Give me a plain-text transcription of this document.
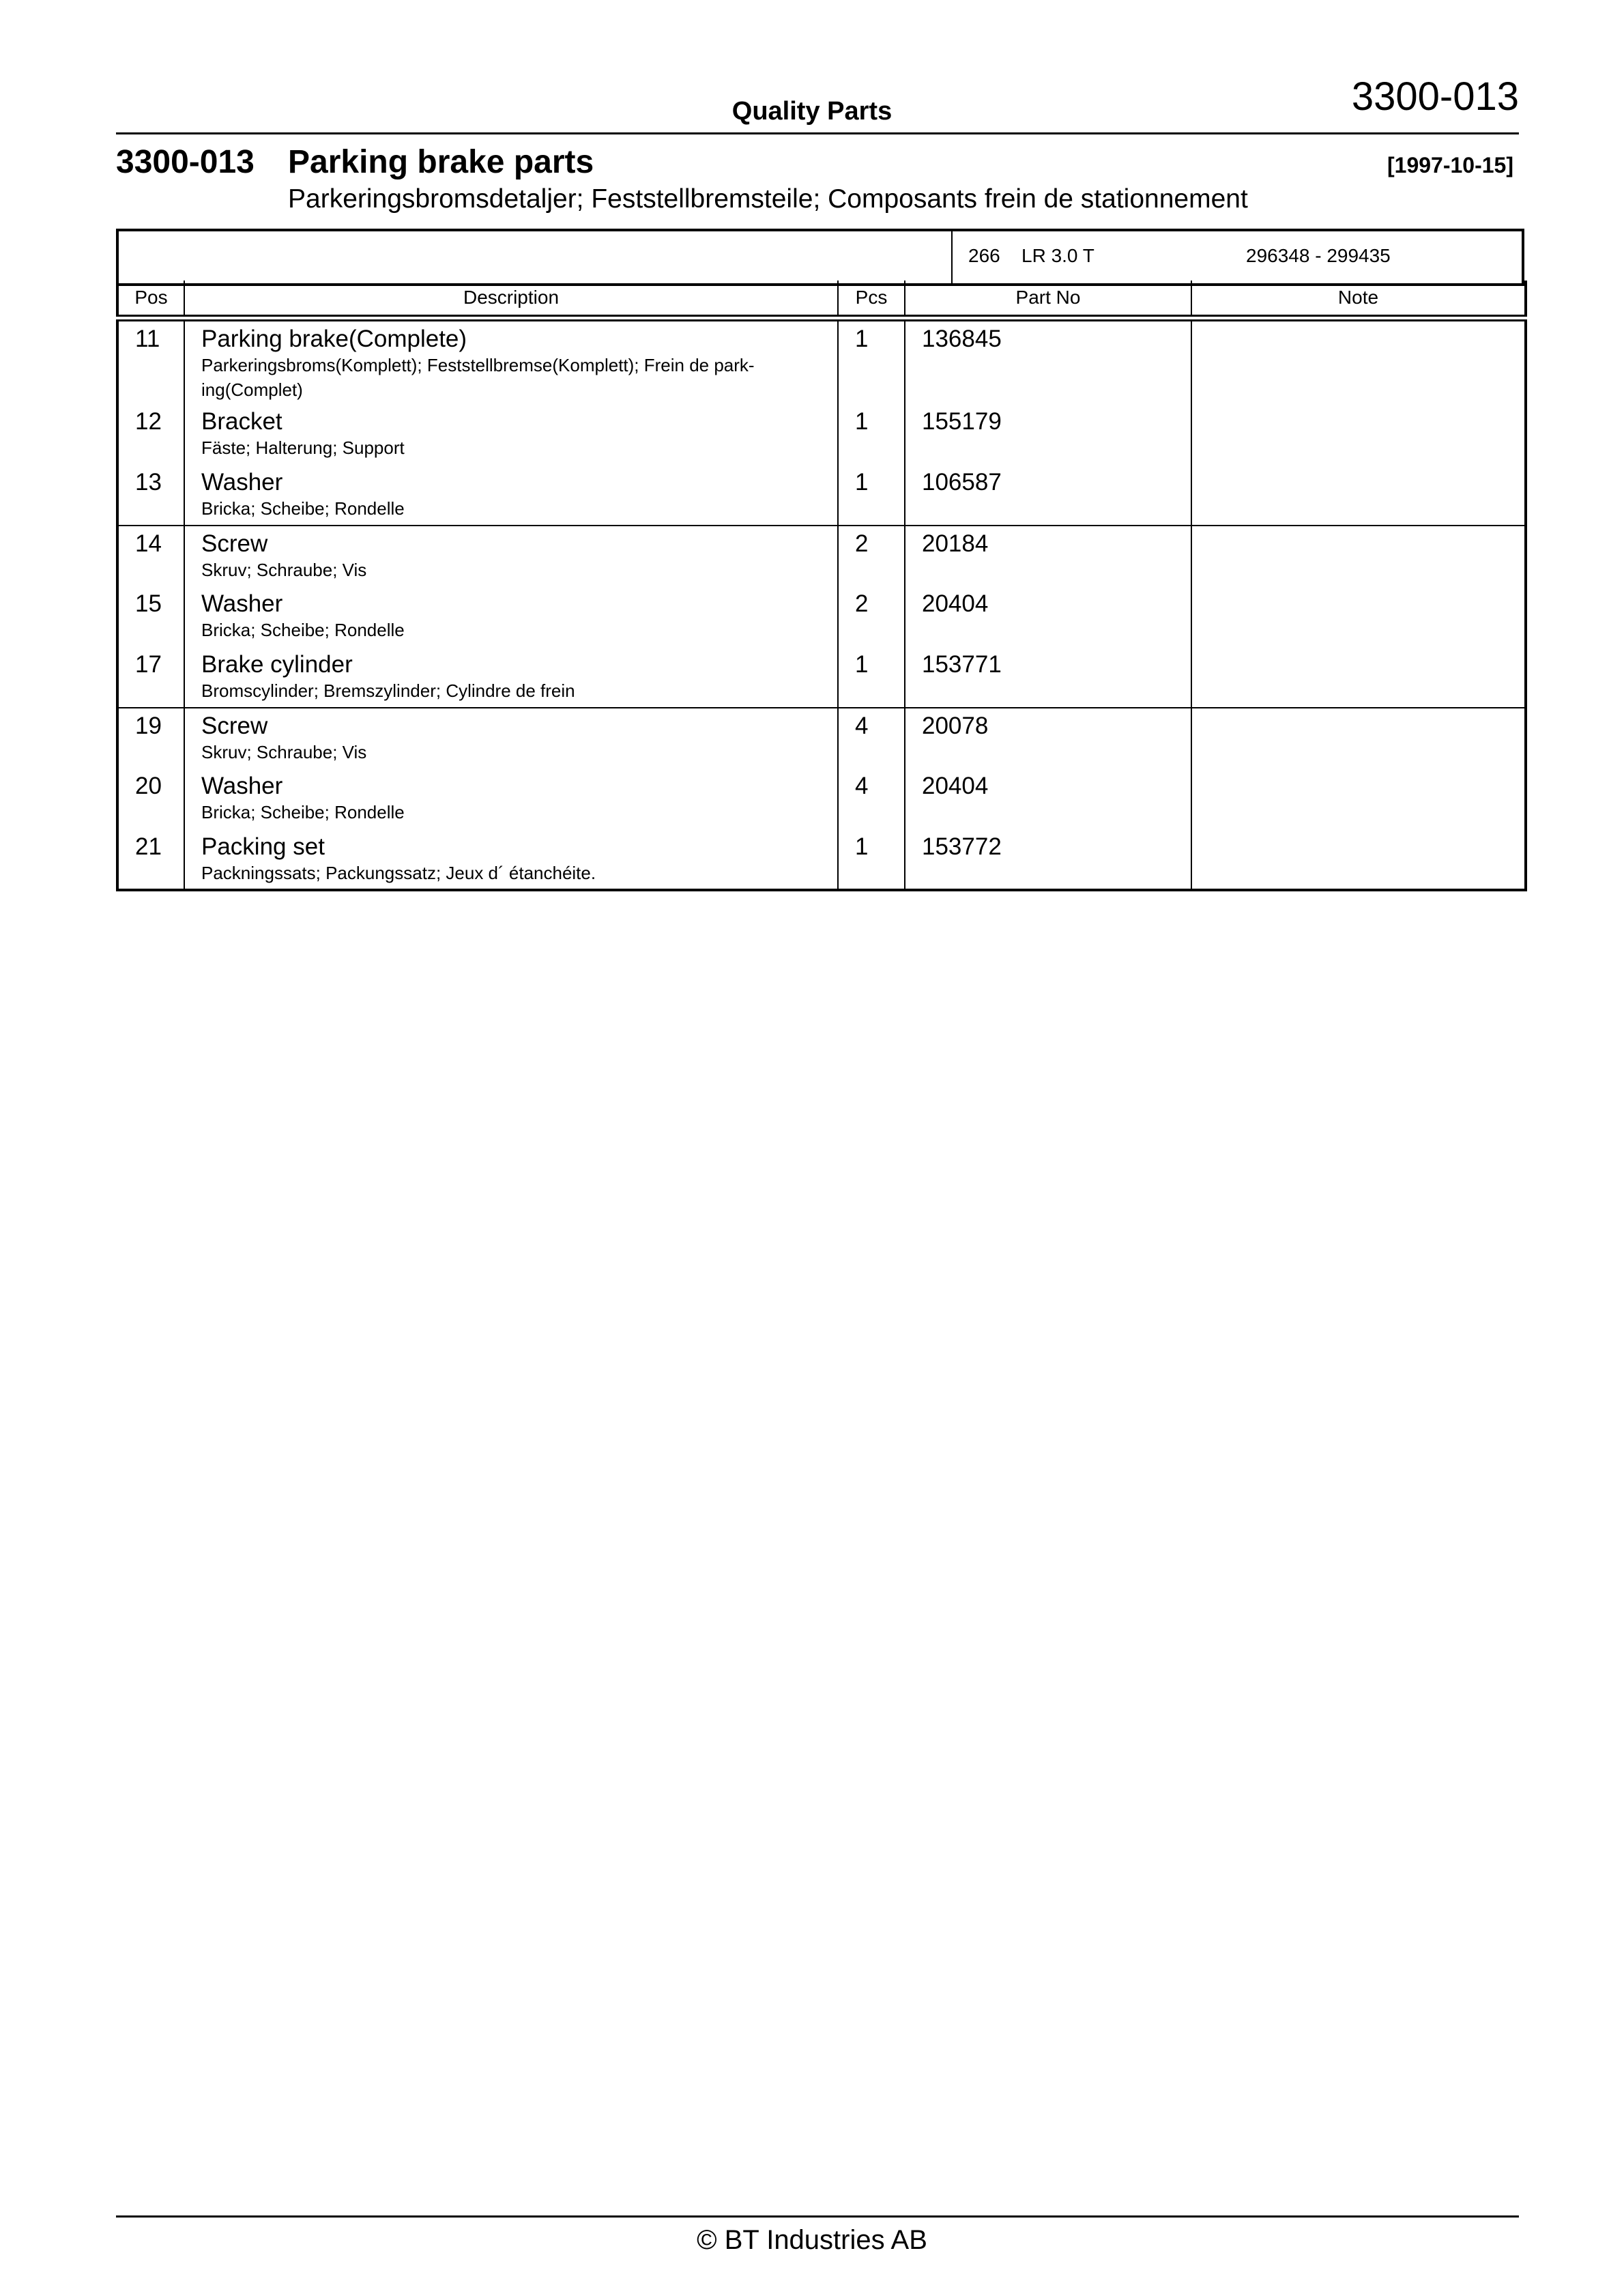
Quality Parts	3300-013
3300-013 Parking brake parts	[1997-10-15]
Parkeringsbromsdetaljer; Feststellbremsteile; Composants frein de stationnement
266 LR 3.0 T	296348 - 299435
Pos	Description	Pcs	Part No	Note

11	Parking brake(Complete)
Parkeringsbroms(Komplett); Feststellbremse(Komplett); Frein de park-ing(Complet)	1	136845	

12	Bracket
Fäste; Halterung; Support	1	155179	

13	Washer
Bricka; Scheibe; Rondelle	1	106587	

14	Screw
Skruv; Schraube; Vis	2	20184	

15	Washer
Bricka; Scheibe; Rondelle	2	20404	

17	Brake cylinder
Bromscylinder; Bremszylinder; Cylindre de frein	1	153771	

19	Screw
Skruv; Schraube; Vis	4	20078	

20	Washer
Bricka; Scheibe; Rondelle	4	20404	

21	Packing set
Packningssats; Packungssatz; Jeux d´ étanchéite.	1	153772	

© BT Industries AB
